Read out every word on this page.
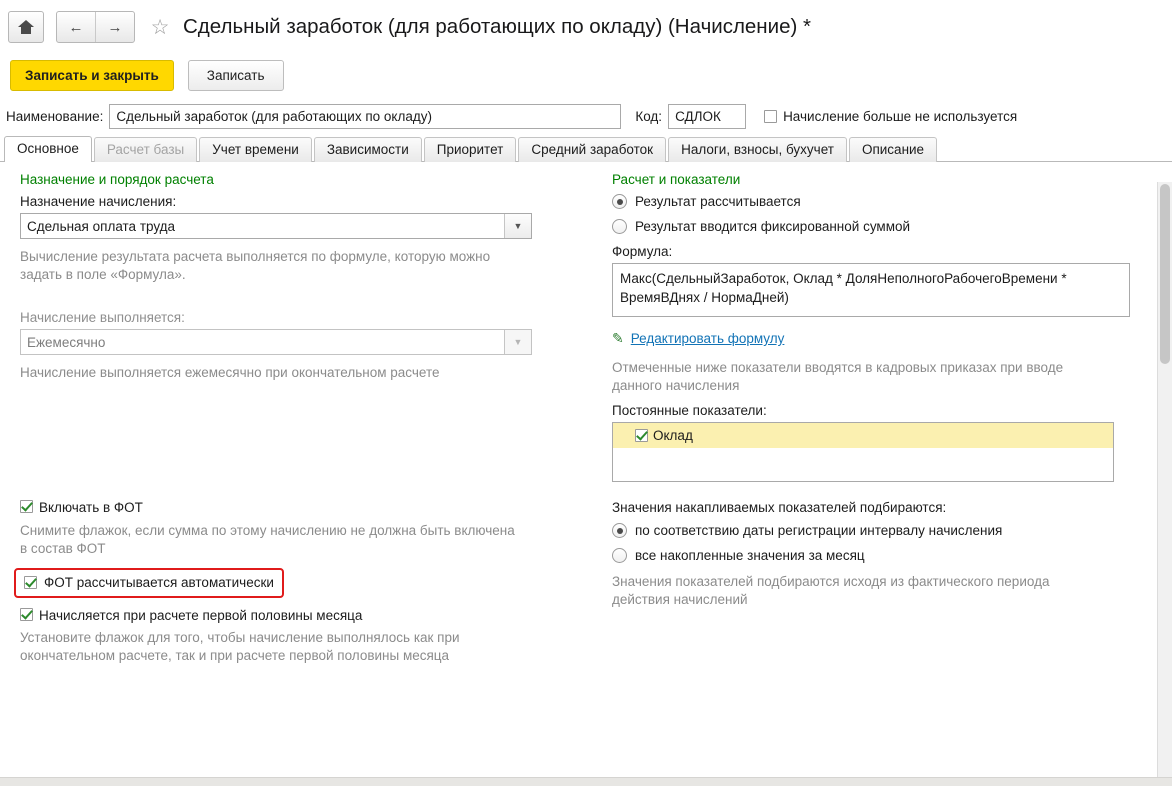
← → ☆ Сдельный заработок (для работающих по окладу) (Начисление) *
Записать и закрыть	Записать
Наименование:
Сдельный заработок (для работающих по окладу)	Код:
СДЛОК	Начисление больше не используется
Основное	Расчет базы	Учет времени	Зависимости	Приоритет	Средний заработок	Налоги, взносы, бухучет	Описание
Назначение и порядок расчета
Назначение начисления:
Сдельная оплата труда	▼
Вычисление результата расчета выполняется по формуле, которую можно задать в поле «Формула».
Начисление выполняется:
Ежемесячно	▼
Начисление выполняется ежемесячно при окончательном расчете
Включать в ФОТ
Снимите флажок, если сумма по этому начислению не должна быть включена в состав ФОТ
ФОТ рассчитывается автоматически
Начисляется при расчете первой половины месяца
Установите флажок для того, чтобы начисление выполнялось как при окончательном расчете, так и при расчете первой половины месяца
Расчет и показатели
Результат рассчитывается
Результат вводится фиксированной суммой
Формула:
Макс(СдельныйЗаработок, Оклад * ДоляНеполногоРабочегоВремени * ВремяВДнях / НормаДней)
✎ Редактировать формулу
Отмеченные ниже показатели вводятся в кадровых приказах при вводе данного начисления
Постоянные показатели:
Оклад
Значения накапливаемых показателей подбираются:
по соответствию даты регистрации интервалу начисления
все накопленные значения за месяц
Значения показателей подбираются исходя из фактического периода действия начислений
